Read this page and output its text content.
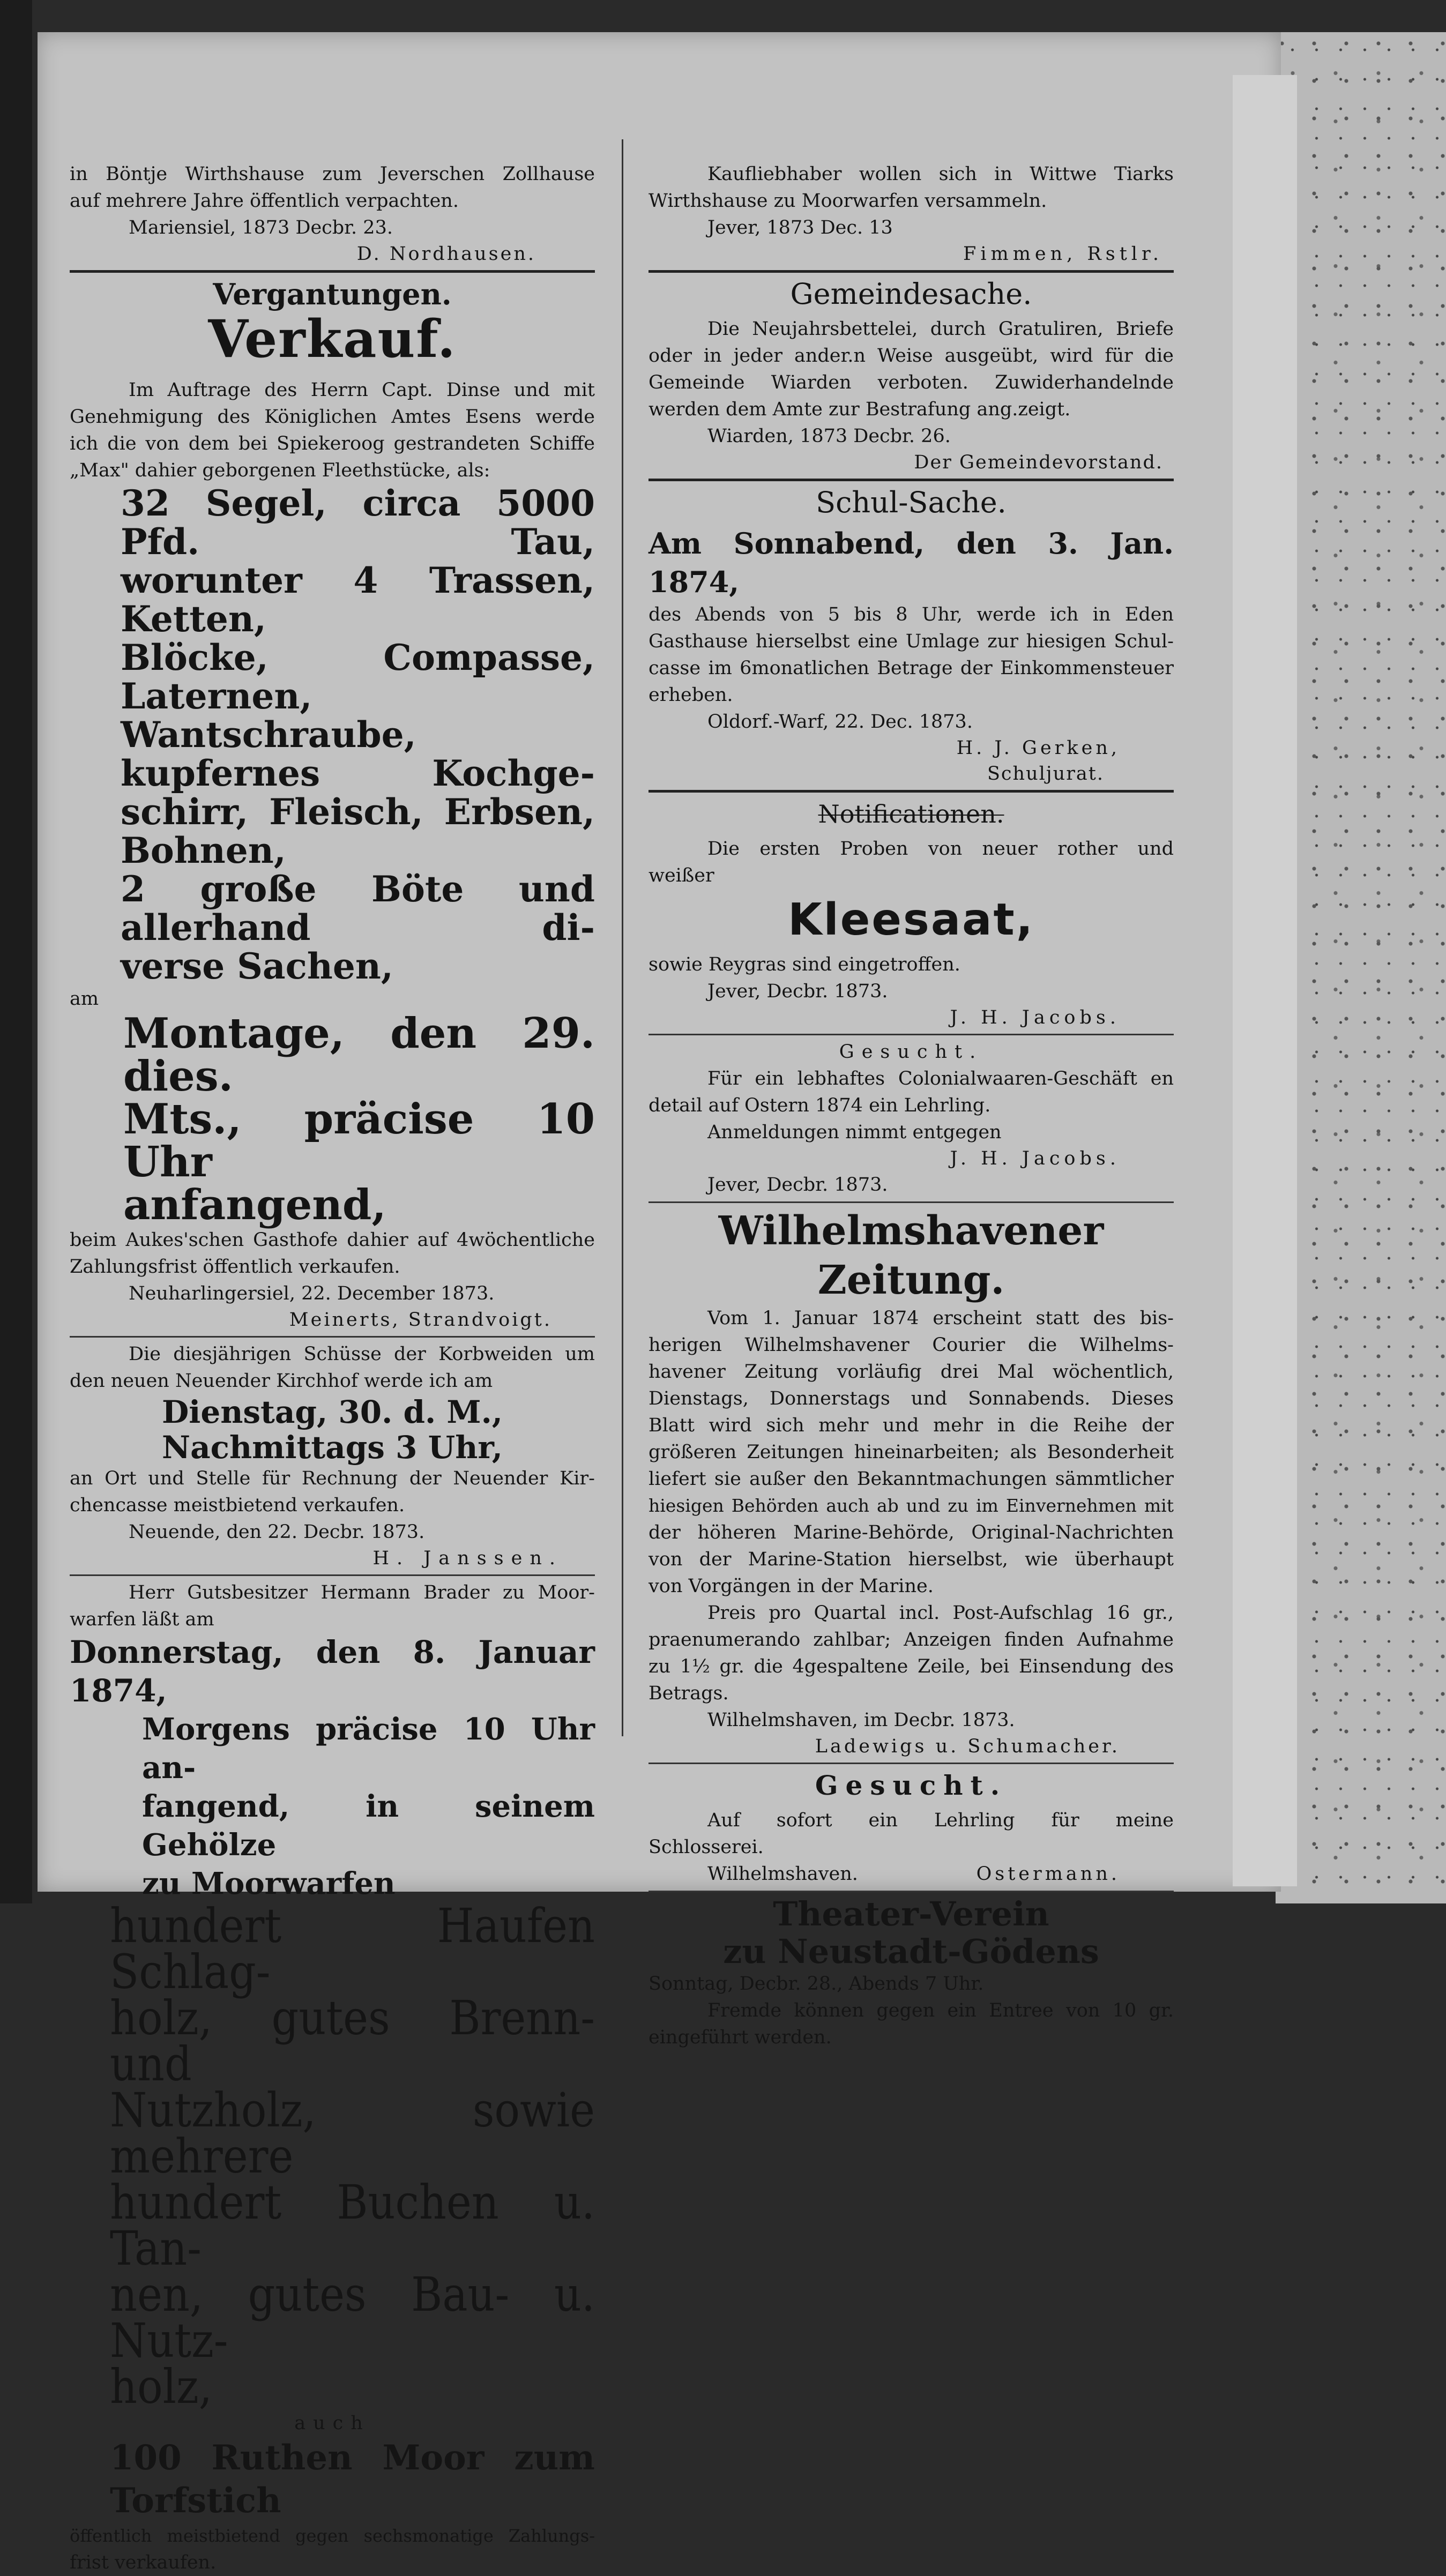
in Böntje Wirthshause zum Jeverschen Zollhause

auf mehrere Jahre öffentlich verpachten.

Mariensiel, 1873 Decbr. 23.

D. Nordhausen.

Vergantungen.

Verkauf.

Im Auftrage des Herrn Capt. Dinse und mit

Genehmigung des Königlichen Amtes Esens werde

ich die von dem bei Spiekeroog gestrandeten Schiffe

„Max" dahier geborgenen Fleethstücke, als:

32 Segel, circa 5000 Pfd. Tau,

worunter 4 Trassen, Ketten,

Blöcke, Compasse, Laternen,

Wantschraube, kupfernes Kochge-

schirr, Fleisch, Erbsen, Bohnen,

2 große Böte und allerhand di-

verse Sachen,

am

Montage, den 29. dies.

Mts., präcise 10 Uhr

anfangend,

beim Aukes'schen Gasthofe dahier auf 4wöchentliche

Zahlungsfrist öffentlich verkaufen.

Neuharlingersiel, 22. December 1873.

Meinerts, Strandvoigt.

Die diesjährigen Schüsse der Korbweiden um

den neuen Neuender Kirchhof werde ich am

Dienstag, 30. d. M.,

Nachmittags 3 Uhr,

an Ort und Stelle für Rechnung der Neuender Kir-

chencasse meistbietend verkaufen.

Neuende, den 22. Decbr. 1873.

H. Janssen.

Herr Gutsbesitzer Hermann Brader zu Moor-

warfen läßt am

Donnerstag, den 8. Januar 1874,

Morgens präcise 10 Uhr an-

fangend, in seinem Gehölze

zu Moorwarfen

hundert Haufen Schlag-

holz, gutes Brenn- und

Nutzholz, sowie mehrere

hundert Buchen u. Tan-

nen, gutes Bau- u. Nutz-

holz,

auch

100 Ruthen Moor zum

Torfstich

öffentlich meistbietend gegen sechsmonatige Zahlungs-

frist verkaufen.

Kaufliebhaber wollen sich in Wittwe Tiarks

Wirthshause zu Moorwarfen versammeln.

Jever, 1873 Dec. 13

Fimmen, Rstlr.

Gemeindesache.

Die Neujahrsbettelei, durch Gratuliren, Briefe

oder in jeder ander.n Weise ausgeübt, wird für die

Gemeinde Wiarden verboten. Zuwiderhandelnde

werden dem Amte zur Bestrafung ang.zeigt.

Wiarden, 1873 Decbr. 26.

Der Gemeindevorstand.

Schul-Sache.

Am Sonnabend, den 3. Jan. 1874,

des Abends von 5 bis 8 Uhr, werde ich in Eden

Gasthause hierselbst eine Umlage zur hiesigen Schul-

casse im 6monatlichen Betrage der Einkommensteuer

erheben.

Oldorf.-Warf, 22. Dec. 1873.

H. J. Gerken,

Schuljurat.

Notificationen.

Die ersten Proben von neuer rother und

weißer

Kleesaat,

sowie Reygras sind eingetroffen.

Jever, Decbr. 1873.

J. H. Jacobs.

Gesucht.

Für ein lebhaftes Colonialwaaren-Geschäft en

detail auf Ostern 1874 ein Lehrling.

Anmeldungen nimmt entgegen

J. H. Jacobs.

Jever, Decbr. 1873.

Wilhelmshavener Zeitung.

Vom 1. Januar 1874 erscheint statt des bis-

herigen Wilhelmshavener Courier die Wilhelms-

havener Zeitung vorläufig drei Mal wöchentlich,

Dienstags, Donnerstags und Sonnabends. Dieses

Blatt wird sich mehr und mehr in die Reihe der

größeren Zeitungen hineinarbeiten; als Besonderheit

liefert sie außer den Bekanntmachungen sämmtlicher

hiesigen Behörden auch ab und zu im Einvernehmen mit

der höheren Marine-Behörde, Original-Nachrichten

von der Marine-Station hierselbst, wie überhaupt

von Vorgängen in der Marine.

Preis pro Quartal incl. Post-Aufschlag 16 gr.,

praenumerando zahlbar; Anzeigen finden Aufnahme

zu 1½ gr. die 4gespaltene Zeile, bei Einsendung des

Betrags.

Wilhelmshaven, im Decbr. 1873.

Ladewigs u. Schumacher.

Gesucht.

Auf sofort ein Lehrling für meine

Schlosserei.

Wilhelmshaven.	Ostermann.

Theater-Verein

zu Neustadt-Gödens

Sonntag, Decbr. 28., Abends 7 Uhr.

Fremde können gegen ein Entree von 10 gr.

eingeführt werden.
